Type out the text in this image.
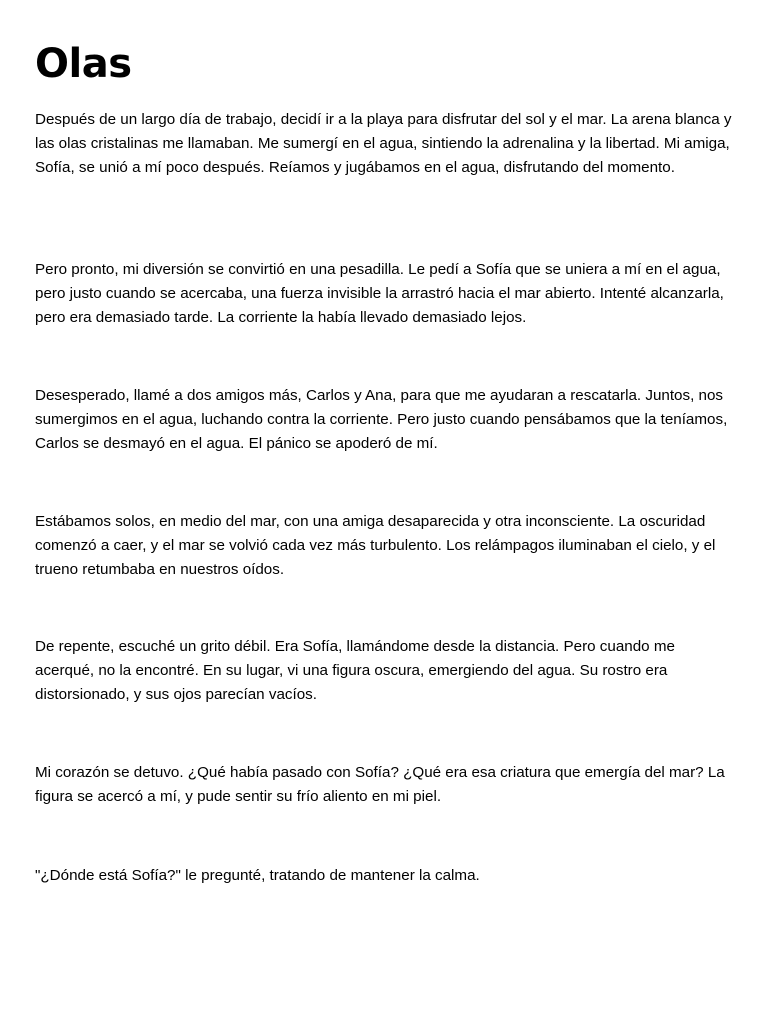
Olas

Después de un largo día de trabajo, decidí ir a la playa para disfrutar del sol y el mar. La arena blanca y las olas cristalinas me llamaban. Me sumergí en el agua, sintiendo la adrenalina y la libertad. Mi amiga, Sofía, se unió a mí poco después. Reíamos y jugábamos en el agua, disfrutando del momento.

Pero pronto, mi diversión se convirtió en una pesadilla. Le pedí a Sofía que se uniera a mí en el agua, pero justo cuando se acercaba, una fuerza invisible la arrastró hacia el mar abierto. Intenté alcanzarla, pero era demasiado tarde. La corriente la había llevado demasiado lejos.

Desesperado, llamé a dos amigos más, Carlos y Ana, para que me ayudaran a rescatarla. Juntos, nos sumergimos en el agua, luchando contra la corriente. Pero justo cuando pensábamos que la teníamos, Carlos se desmayó en el agua. El pánico se apoderó de mí.

Estábamos solos, en medio del mar, con una amiga desaparecida y otra inconsciente. La oscuridad comenzó a caer, y el mar se volvió cada vez más turbulento. Los relámpagos iluminaban el cielo, y el trueno retumbaba en nuestros oídos.

De repente, escuché un grito débil. Era Sofía, llamándome desde la distancia. Pero cuando me acerqué, no la encontré. En su lugar, vi una figura oscura, emergiendo del agua. Su rostro era distorsionado, y sus ojos parecían vacíos.

Mi corazón se detuvo. ¿Qué había pasado con Sofía? ¿Qué era esa criatura que emergía del mar? La figura se acercó a mí, y pude sentir su frío aliento en mi piel.

"¿Dónde está Sofía?" le pregunté, tratando de mantener la calma.
